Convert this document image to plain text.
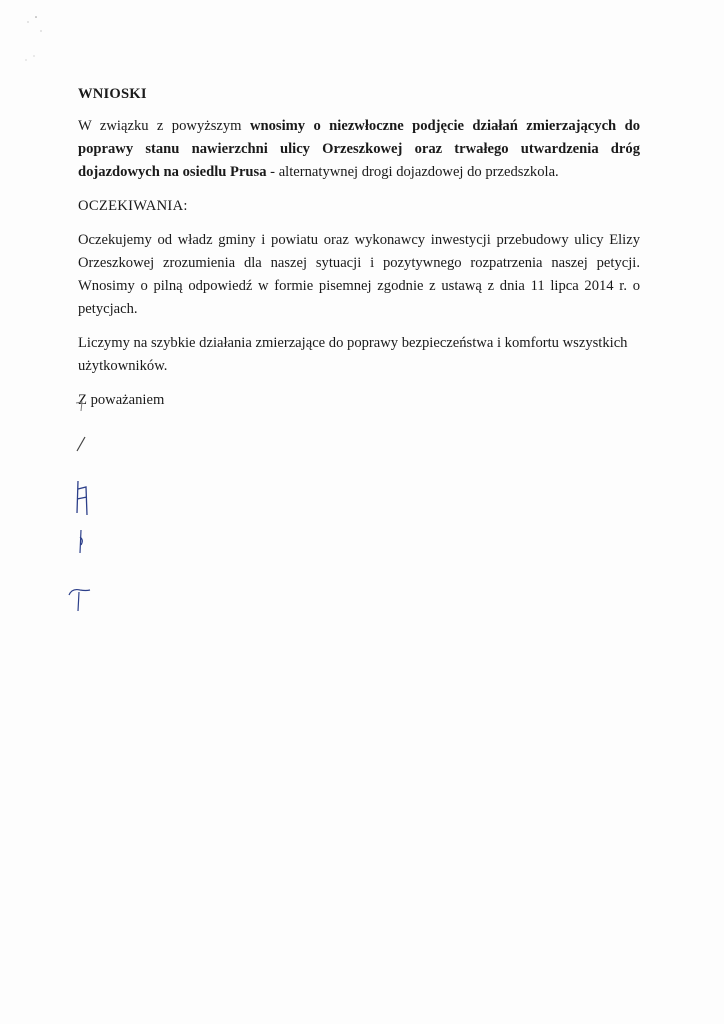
WNIOSKI

W związku z powyższym wnosimy o niezwłoczne podjęcie działań zmierzających do poprawy stanu nawierzchni ulicy Orzeszkowej oraz trwałego utwardzenia dróg dojazdowych na osiedlu Prusa - alternatywnej drogi dojazdowej do przedszkola.

OCZEKIWANIA:

Oczekujemy od władz gminy i powiatu oraz wykonawcy inwestycji przebudowy ulicy Elizy Orzeszkowej zrozumienia dla naszej sytuacji i pozytywnego rozpatrzenia naszej petycji. Wnosimy o pilną odpowiedź w formie pisemnej zgodnie z ustawą z dnia 11 lipca 2014 r. o petycjach.

Liczymy na szybkie działania zmierzające do poprawy bezpieczeństwa i komfortu wszystkich użytkowników.

Z poważaniem
